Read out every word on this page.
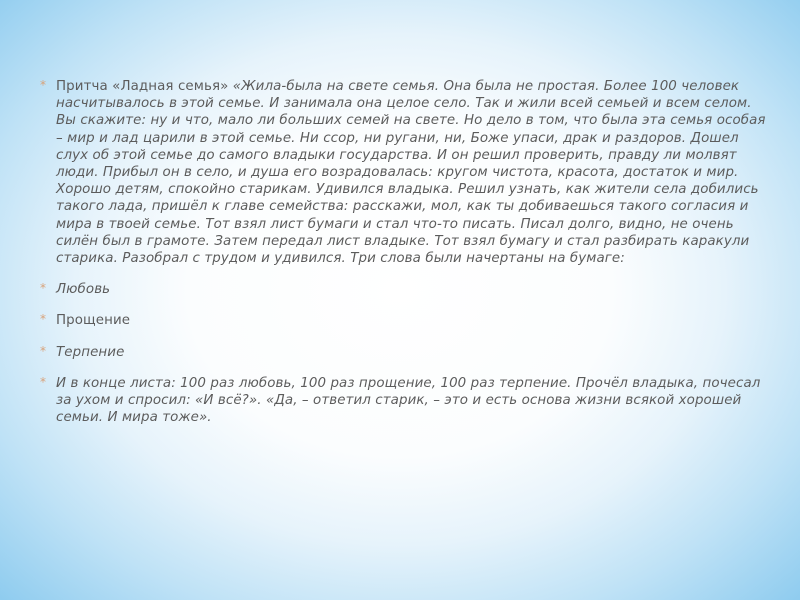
* Притча «Ладная семья» «Жила-была на свете семья. Она была не простая. Более 100 человек насчитывалось в этой семье. И занимала она целое село. Так и жили всей семьей и всем селом. Вы скажите: ну и что, мало ли больших семей на свете. Но дело в том, что была эта семья особая – мир и лад царили в этой семье. Ни ссор, ни ругани, ни, Боже упаси, драк и раздоров. Дошел слух об этой семье до самого владыки государства. И он решил проверить, правду ли молвят люди. Прибыл он в село, и душа его возрадовалась: кругом чистота, красота, достаток и мир. Хорошо детям, спокойно старикам. Удивился владыка. Решил узнать, как жители села добились такого лада, пришёл к главе семейства: расскажи, мол, как ты добиваешься такого согласия и мира в твоей семье. Тот взял лист бумаги и стал что-то писать. Писал долго, видно, не очень силён был в грамоте. Затем передал лист владыке. Тот взял бумагу и стал разбирать каракули старика. Разобрал с трудом и удивился. Три слова были начертаны на бумаге:
* Любовь
* Прощение
* Терпение
* И в конце листа: 100 раз любовь, 100 раз прощение, 100 раз терпение. Прочёл владыка, почесал за ухом и спросил: «И всё?». «Да, – ответил старик, – это и есть основа жизни всякой хорошей семьи. И мира тоже».
